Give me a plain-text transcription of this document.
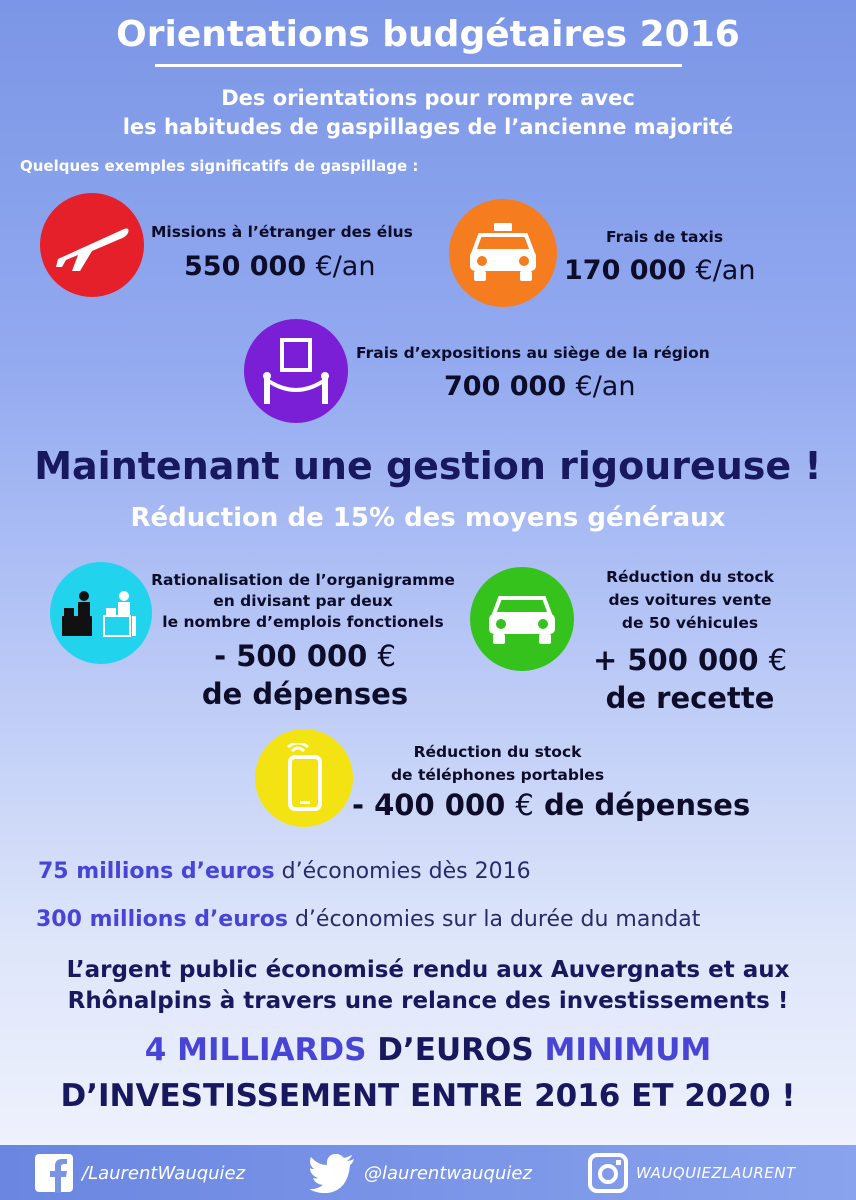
Orientations budgétaires 2016
Des orientations pour rompre avec
les habitudes de gaspillages de l’ancienne majorité
Quelques exemples significatifs de gaspillage :
Missions à l’étranger des élus
550 000 €/an
Frais de taxis
170 000 €/an
Frais d’expositions au siège de la région
700 000 €/an
Maintenant une gestion rigoureuse !
Réduction de 15% des moyens généraux
Rationalisation de l’organigramme
en divisant par deux
le nombre d’emplois fonctionels
- 500 000 €
de dépenses
Réduction du stock
des voitures vente
de 50 véhicules
+ 500 000 €
de recette
Réduction du stock
de téléphones portables
- 400 000 € de dépenses
75 millions d’euros d’économies dès 2016
300 millions d’euros d’économies sur la durée du mandat
L’argent public économisé rendu aux Auvergnats et aux
Rhônalpins à travers une relance des investissements !
4 MILLIARDS D’EUROS MINIMUM
D’INVESTISSEMENT ENTRE 2016 ET 2020 !
/LaurentWauquiez	@laurentwauquiez	WAUQUIEZLAURENT
